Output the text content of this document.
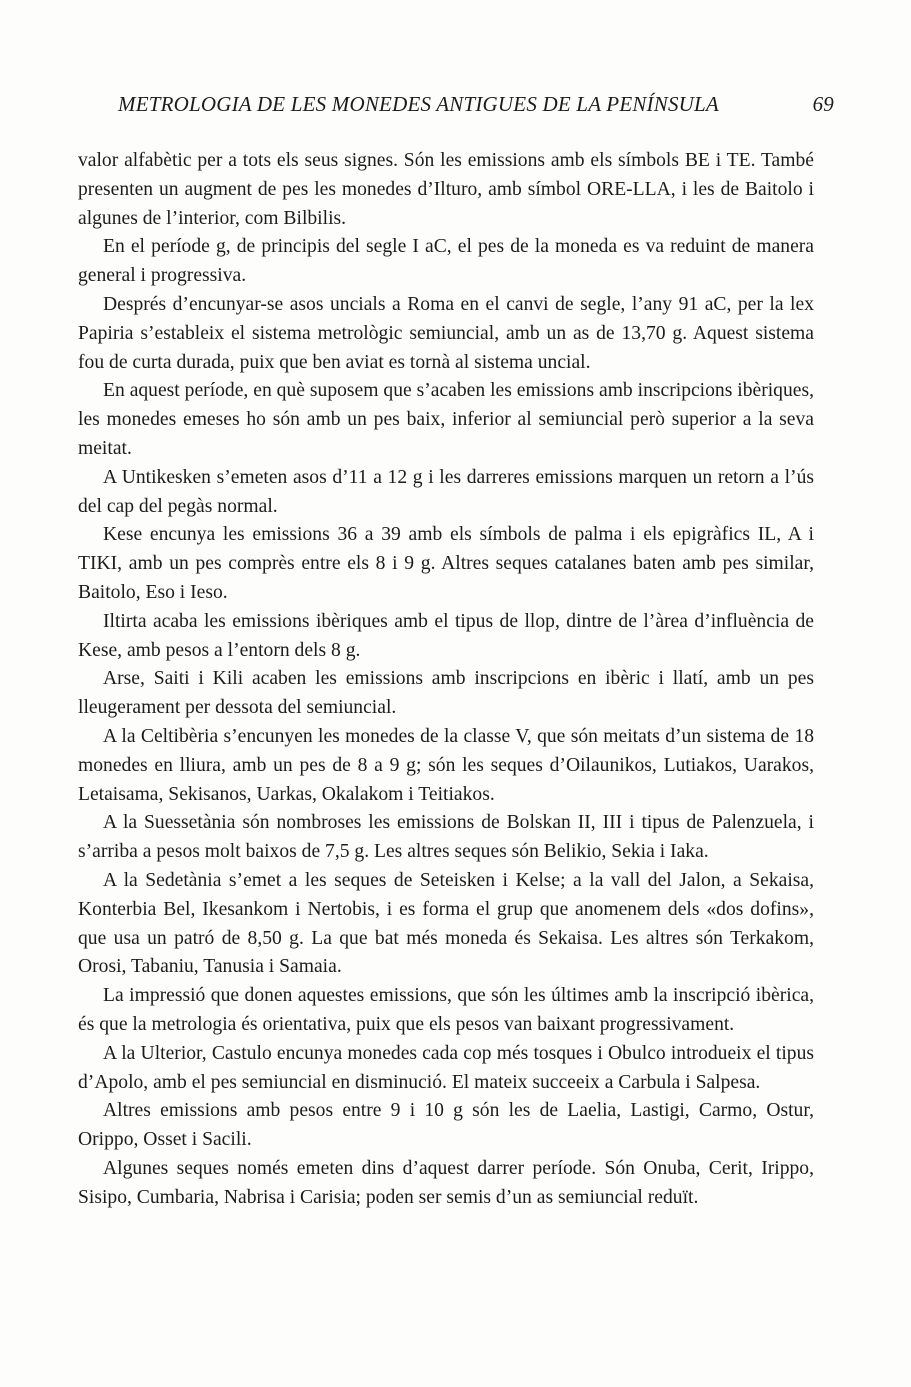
METROLOGIA DE LES MONEDES ANTIGUES DE LA PENÍNSULA	69

valor alfabètic per a tots els seus signes. Són les emissions amb els símbols BE i TE. També presenten un augment de pes les monedes d’Ilturo, amb símbol ORE-LLA, i les de Baitolo i algunes de l’interior, com Bilbilis.

En el període g, de principis del segle I aC, el pes de la moneda es va reduint de manera general i progressiva.

Després d’encunyar-se asos uncials a Roma en el canvi de segle, l’any 91 aC, per la lex Papiria s’estableix el sistema metrològic semiuncial, amb un as de 13,70 g. Aquest sistema fou de curta durada, puix que ben aviat es tornà al sistema uncial.

En aquest període, en què suposem que s’acaben les emissions amb inscripcions ibèriques, les monedes emeses ho són amb un pes baix, inferior al semiuncial però superior a la seva meitat.

A Untikesken s’emeten asos d’11 a 12 g i les darreres emissions marquen un retorn a l’ús del cap del pegàs normal.

Kese encunya les emissions 36 a 39 amb els símbols de palma i els epigràfics IL, A i TIKI, amb un pes comprès entre els 8 i 9 g. Altres seques catalanes baten amb pes similar, Baitolo, Eso i Ieso.

Iltirta acaba les emissions ibèriques amb el tipus de llop, dintre de l’àrea d’influència de Kese, amb pesos a l’entorn dels 8 g.

Arse, Saiti i Kili acaben les emissions amb inscripcions en ibèric i llatí, amb un pes lleugerament per dessota del semiuncial.

A la Celtibèria s’encunyen les monedes de la classe V, que són meitats d’un sistema de 18 monedes en lliura, amb un pes de 8 a 9 g; són les seques d’Oilaunikos, Lutiakos, Uarakos, Letaisama, Sekisanos, Uarkas, Okalakom i Teitiakos.

A la Suessetània són nombroses les emissions de Bolskan II, III i tipus de Palenzuela, i s’arriba a pesos molt baixos de 7,5 g. Les altres seques són Belikio, Sekia i Iaka.

A la Sedetània s’emet a les seques de Seteisken i Kelse; a la vall del Jalon, a Sekaisa, Konterbia Bel, Ikesankom i Nertobis, i es forma el grup que anomenem dels «dos dofins», que usa un patró de 8,50 g. La que bat més moneda és Sekaisa. Les altres són Terkakom, Orosi, Tabaniu, Tanusia i Samaia.

La impressió que donen aquestes emissions, que són les últimes amb la inscripció ibèrica, és que la metrologia és orientativa, puix que els pesos van baixant progressivament.

A la Ulterior, Castulo encunya monedes cada cop més tosques i Obulco introdueix el tipus d’Apolo, amb el pes semiuncial en disminució. El mateix succeeix a Carbula i Salpesa.

Altres emissions amb pesos entre 9 i 10 g són les de Laelia, Lastigi, Carmo, Ostur, Orippo, Osset i Sacili.

Algunes seques només emeten dins d’aquest darrer període. Són Onuba, Cerit, Irippo, Sisipo, Cumbaria, Nabrisa i Carisia; poden ser semis d’un as semiuncial reduït.
